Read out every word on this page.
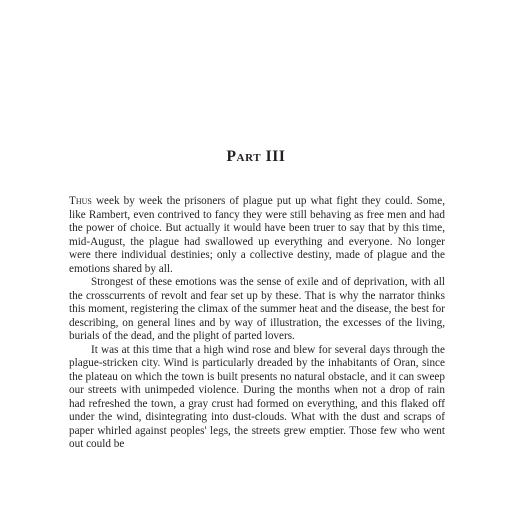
Part III

Thus week by week the prisoners of plague put up what fight they could. Some, like Rambert, even contrived to fancy they were still behaving as free men and had the power of choice. But actually it would have been truer to say that by this time, mid-August, the plague had swallowed up everything and everyone. No longer were there individual destinies; only a collective destiny, made of plague and the emotions shared by all.

Strongest of these emotions was the sense of exile and of deprivation, with all the crosscurrents of revolt and fear set up by these. That is why the narrator thinks this moment, registering the climax of the summer heat and the disease, the best for describing, on general lines and by way of illustration, the excesses of the living, burials of the dead, and the plight of parted lovers.

It was at this time that a high wind rose and blew for several days through the plague-stricken city. Wind is particularly dreaded by the inhabitants of Oran, since the plateau on which the town is built presents no natural obstacle, and it can sweep our streets with unimpeded violence. During the months when not a drop of rain had refreshed the town, a gray crust had formed on everything, and this flaked off under the wind, disintegrating into dust-clouds. What with the dust and scraps of paper whirled against peoples' legs, the streets grew emptier. Those few who went out could be
